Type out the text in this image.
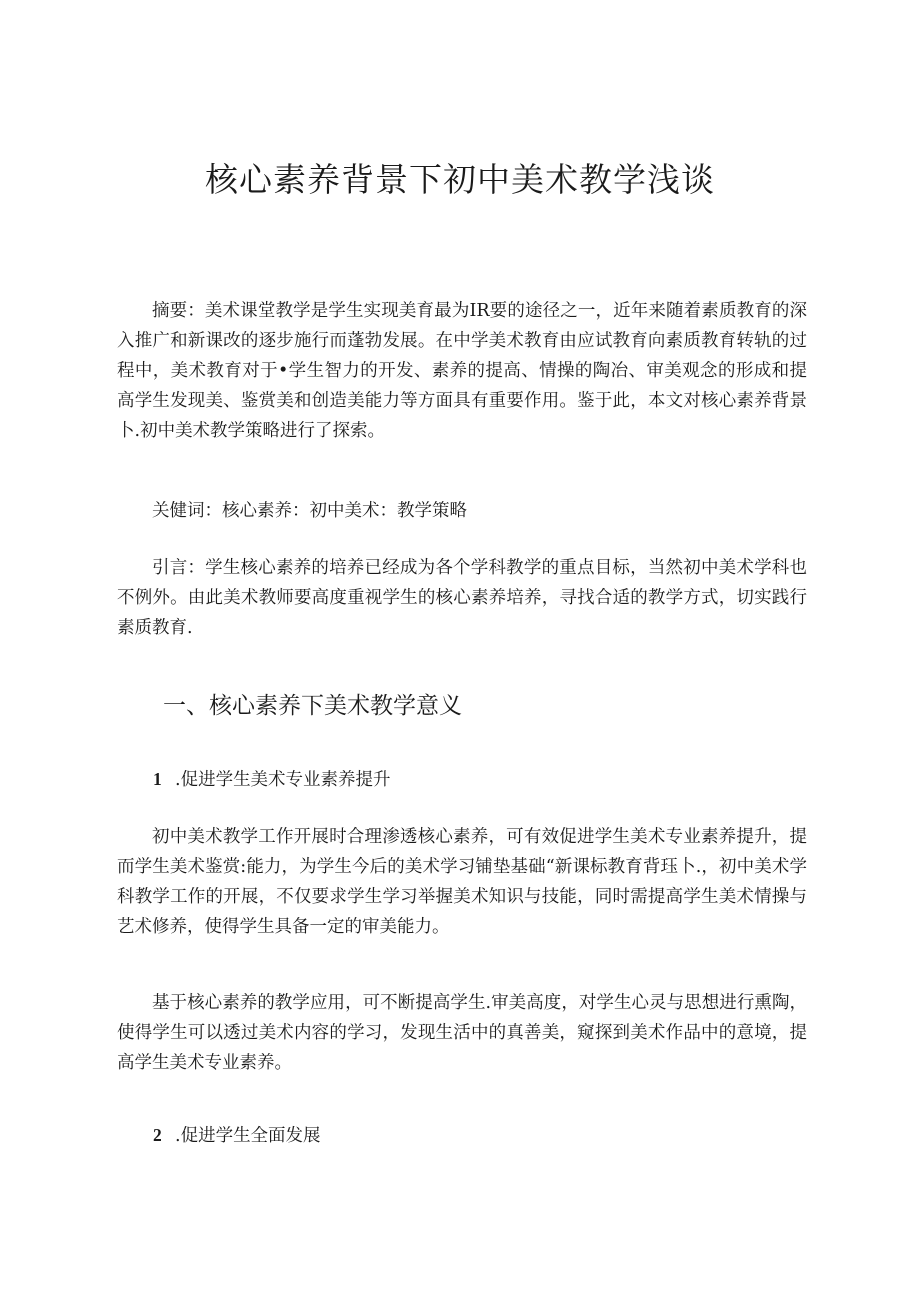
核心素养背景下初中美术教学浅谈

摘要：美术课堂教学是学生实现美育最为IR要的途径之一，近年来随着素质教育的深入推广和新课改的逐步施行而蓬勃发展。在中学美术教育由应试教育向素质教育转轨的过程中，美术教育对于•学生智力的开发、素养的提高、情操的陶冶、审美观念的形成和提高学生发现美、鉴赏美和创造美能力等方面具有重要作用。鉴于此，本文对核心素养背景卜.初中美术教学策略进行了探索。

关健词：核心素养：初中美术：教学策略

引言：学生核心素养的培养已经成为各个学科教学的重点目标，当然初中美术学科也不例外。由此美术教师要高度重视学生的核心素养培养，寻找合适的教学方式，切实践行素质教育.

一、核心素养下美术教学意义

1 .促进学生美术专业素养提升

初中美术教学工作开展时合理渗透核心素养，可有效促进学生美术专业素养提升，提而学生美术鉴赏:能力，为学生今后的美术学习铺垫基础“新课标教育背珏卜.，初中美术学科教学工作的开展，不仅要求学生学习举握美术知识与技能，同时需提高学生美术情操与艺术修养，使得学生具备一定的审美能力。

基于核心素养的教学应用，可不断提高学生.审美高度，对学生心灵与思想进行熏陶，使得学生可以透过美术内容的学习，发现生活中的真善美，窥探到美术作品中的意境，提高学生美术专业素养。

2 .促进学生全面发展
